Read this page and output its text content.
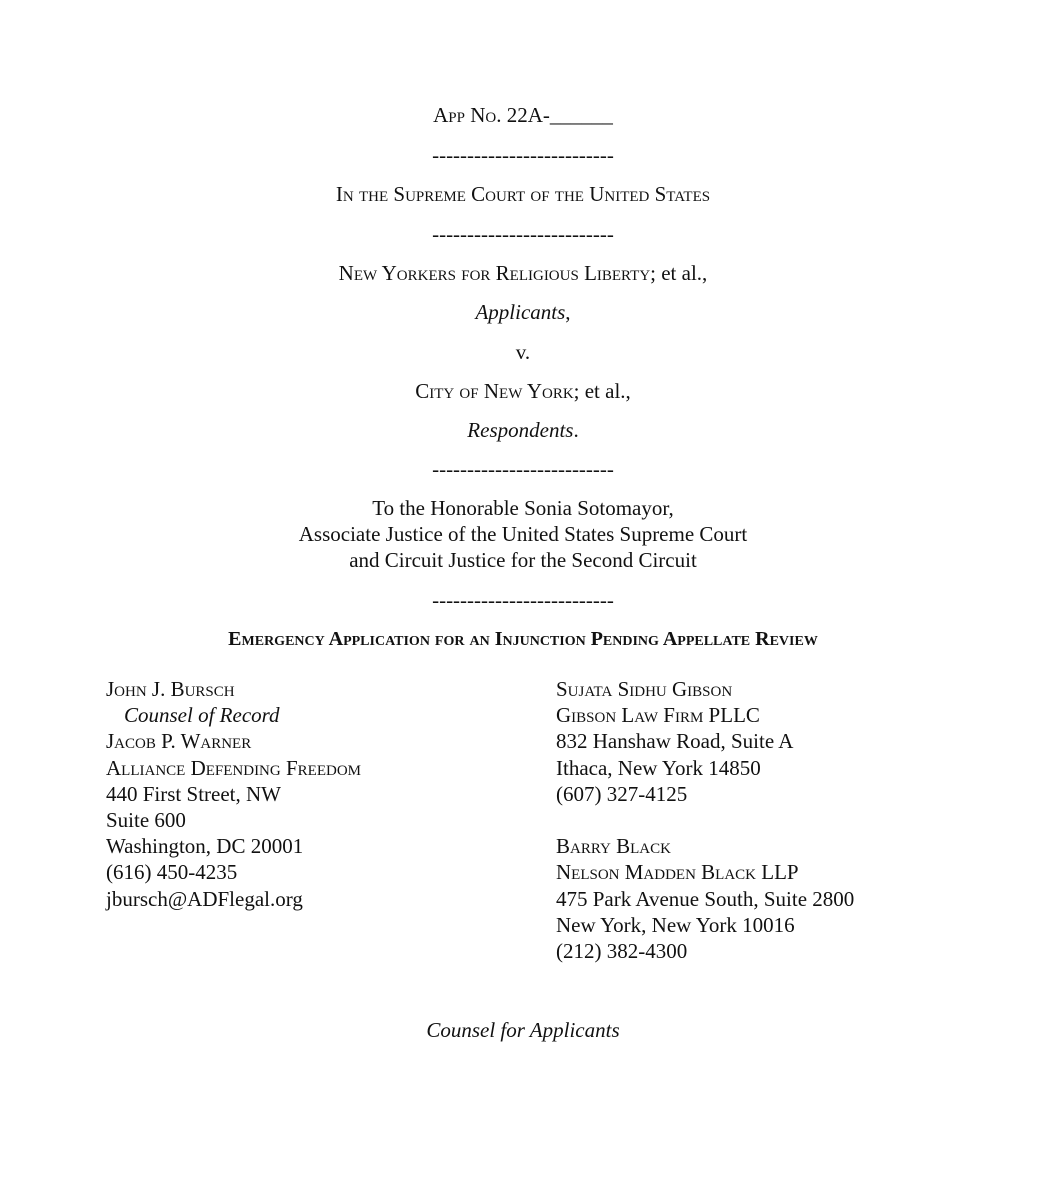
App No. 22A-______
--------------------------
In the Supreme Court of the United States
--------------------------
New Yorkers for Religious Liberty; et al.,
Applicants,
v.
City of New York; et al.,
Respondents.
--------------------------
To the Honorable Sonia Sotomayor,
Associate Justice of the United States Supreme Court
and Circuit Justice for the Second Circuit
--------------------------
Emergency Application for an Injunction Pending Appellate Review
John J. Bursch
Counsel of Record
Jacob P. Warner
Alliance Defending Freedom
440 First Street, NW
Suite 600
Washington, DC 20001
(616) 450-4235
jbursch@ADFlegal.org
Sujata Sidhu Gibson
Gibson Law Firm PLLC
832 Hanshaw Road, Suite A
Ithaca, New York 14850
(607) 327-4125
Barry Black
Nelson Madden Black LLP
475 Park Avenue South, Suite 2800
New York, New York 10016
(212) 382-4300
Counsel for Applicants
